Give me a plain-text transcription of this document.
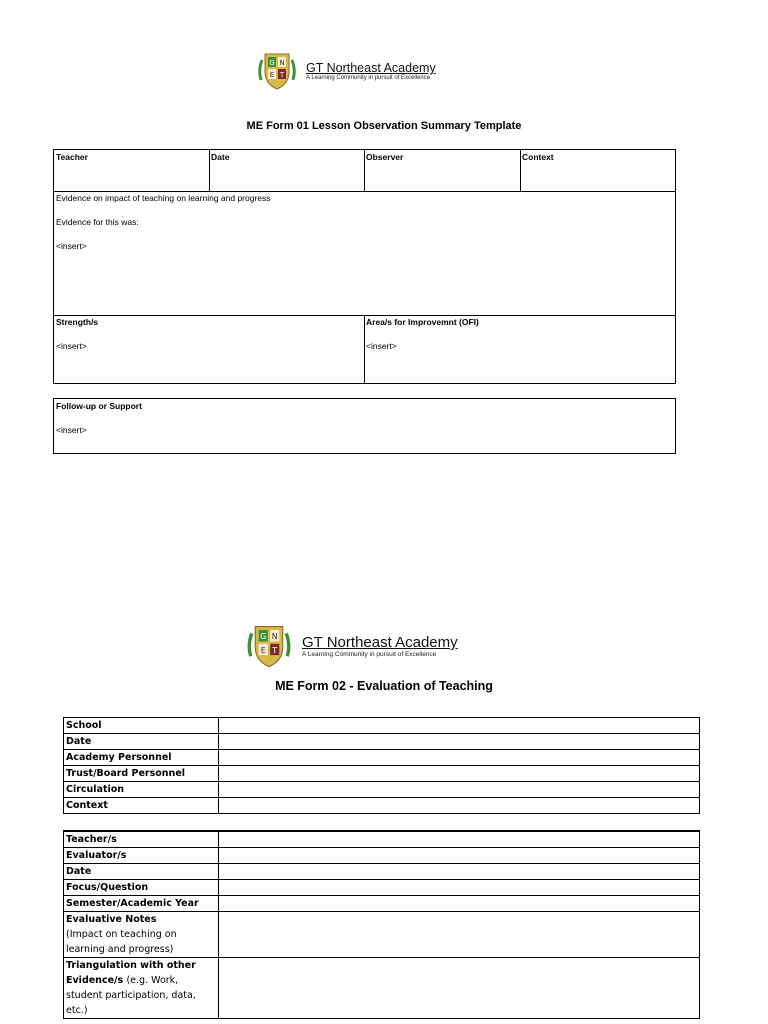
G N
E T GT Northeast Academy
A Learning Community in pursuit of Excellence
ME Form 01 Lesson Observation Summary Template
Teacher	Date	Observer	Context
Evidence on impact of teaching on learning and progress
Evidence for this was:
<insert>
Strength/s
<insert>
Area/s for Improvemnt (OFI)
<insert>
Follow-up or Support
<insert>
G N
E T GT Northeast Academy
A Learning Community in pursuit of Excellence
ME Form 02 - Evaluation of Teaching
School	
Date	
Academy Personnel	
Trust/Board Personnel	
Circulation	
Context	
Teacher/s	
Evaluator/s	
Date	
Focus/Question	
Semester/Academic Year	
Evaluative Notes
(Impact on teaching on learning and progress)	
Triangulation with other Evidence/s (e.g. Work, student participation, data, etc.)	
